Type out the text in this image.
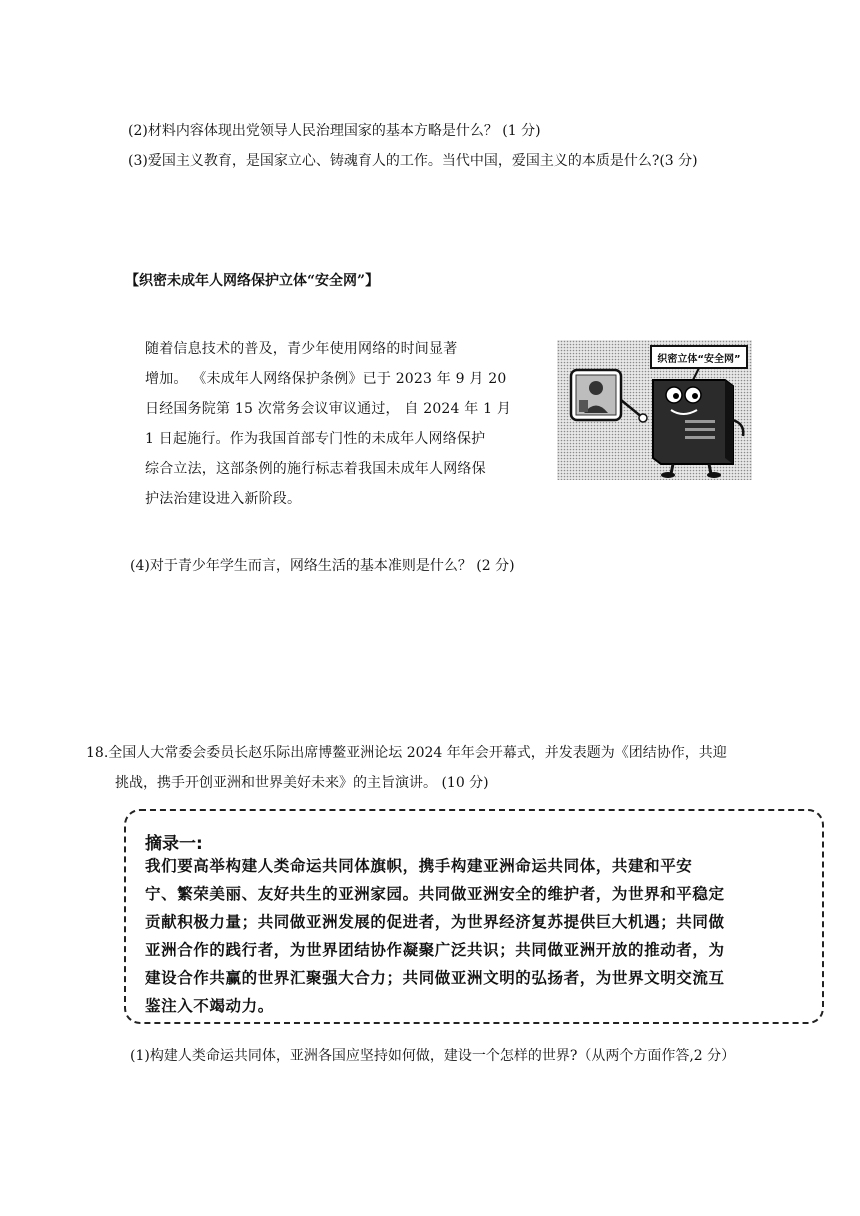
(2)材料内容体现出党领导人民治理国家的基本方略是什么？ (1 分)
(3)爱国主义教育，是国家立心、铸魂育人的工作。当代中国，爱国主义的本质是什么?(3 分)
【织密未成年人网络保护立体“安全网”】
随着信息技术的普及，青少年使用网络的时间显著
增加。 《未成年人网络保护条例》已于 2023 年 9 月 20
日经国务院第 15 次常务会议审议通过， 自 2024 年 1 月
1 日起施行。作为我国首部专门性的未成年人网络保护
综合立法，这部条例的施行标志着我国未成年人网络保
护法治建设进入新阶段。
织密立体“安全网”
(4)对于青少年学生而言，网络生活的基本准则是什么？ (2 分)
18.全国人大常委会委员长赵乐际出席博鳌亚洲论坛 2024 年年会开幕式，并发表题为《团结协作，共迎
挑战，携手开创亚洲和世界美好未来》的主旨演讲。 (10 分)
摘录一:
我们要高举构建人类命运共同体旗帜，携手构建亚洲命运共同体，共建和平安
宁、繁荣美丽、友好共生的亚洲家园。共同做亚洲安全的维护者，为世界和平稳定
贡献积极力量；共同做亚洲发展的促进者，为世界经济复苏提供巨大机遇；共同做
亚洲合作的践行者，为世界团结协作凝聚广泛共识；共同做亚洲开放的推动者，为
建设合作共赢的世界汇聚强大合力；共同做亚洲文明的弘扬者，为世界文明交流互
鉴注入不竭动力。
(1)构建人类命运共同体，亚洲各国应坚持如何做，建设一个怎样的世界?（从两个方面作答,2 分）
